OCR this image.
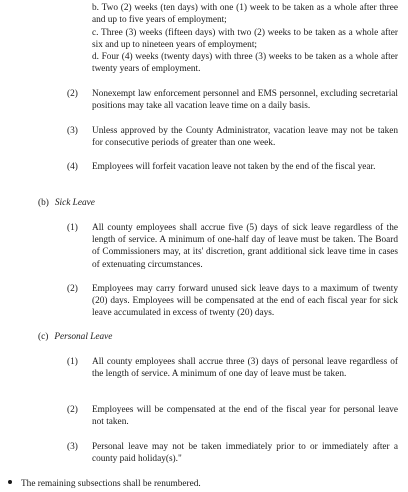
b. Two (2) weeks (ten days) with one (1) week to be taken as a whole after three and up to five years of employment;
c. Three (3) weeks (fifteen days) with two (2) weeks to be taken as a whole after six and up to nineteen years of employment;
d. Four (4) weeks (twenty days) with three (3) weeks to be taken as a whole after twenty years of employment.
(2)	Nonexempt law enforcement personnel and EMS personnel, excluding secretarial positions may take all vacation leave time on a daily basis.
(3)	Unless approved by the County Administrator, vacation leave may not be taken for consecutive periods of greater than one week.
(4)	Employees will forfeit vacation leave not taken by the end of the fiscal year.
(b) Sick Leave
(1)	All county employees shall accrue five (5) days of sick leave regardless of the length of service. A minimum of one-half day of leave must be taken. The Board of Commissioners may, at its' discretion, grant additional sick leave time in cases of extenuating circumstances.
(2)	Employees may carry forward unused sick leave days to a maximum of twenty (20) days. Employees will be compensated at the end of each fiscal year for sick leave accumulated in excess of twenty (20) days.
(c) Personal Leave
(1)	All county employees shall accrue three (3) days of personal leave regardless of the length of service. A minimum of one day of leave must be taken.
(2)	Employees will be compensated at the end of the fiscal year for personal leave not taken.
(3)	Personal leave may not be taken immediately prior to or immediately after a county paid holiday(s)."
The remaining subsections shall be renumbered.
